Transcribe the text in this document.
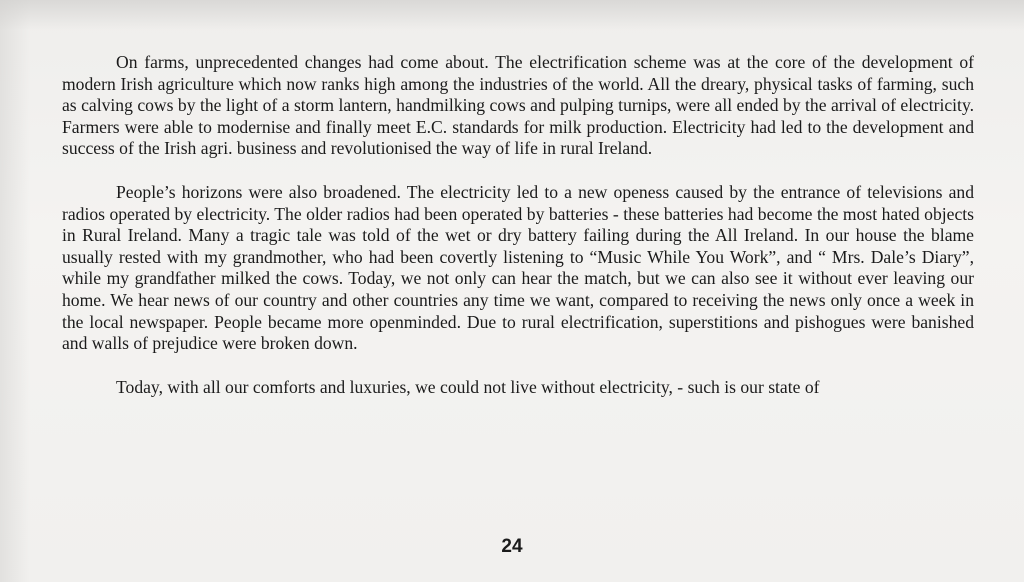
On farms, unprecedented changes had come about. The electrification scheme was at the core of the development of modern Irish agriculture which now ranks high among the industries of the world. All the dreary, physical tasks of farming, such as calving cows by the light of a storm lantern, handmilking cows and pulping turnips, were all ended by the arrival of electricity. Farmers were able to modernise and finally meet E.C. standards for milk production. Electricity had led to the development and success of the Irish agri. business and revolutionised the way of life in rural Ireland.

People’s horizons were also broadened. The electricity led to a new openess caused by the entrance of televisions and radios operated by electricity. The older radios had been operated by batteries - these batteries had become the most hated objects in Rural Ireland. Many a tragic tale was told of the wet or dry battery failing during the All Ireland. In our house the blame usually rested with my grandmother, who had been covertly listening to “Music While You Work”, and “ Mrs. Dale’s Diary”, while my grandfather milked the cows. Today, we not only can hear the match, but we can also see it without ever leaving our home. We hear news of our country and other countries any time we want, compared to receiving the news only once a week in the local newspaper. People became more openminded. Due to rural electrification, superstitions and pishogues were banished and walls of prejudice were broken down.

Today, with all our comforts and luxuries, we could not live without electricity, - such is our state of

24
